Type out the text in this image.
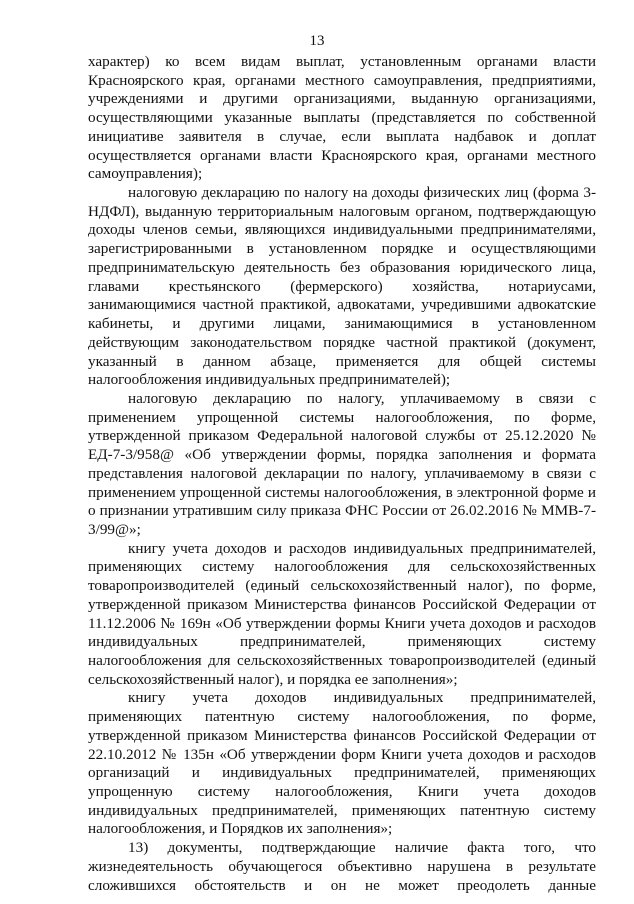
13

характер) ко всем видам выплат, установленным органами власти Красноярского края, органами местного самоуправления, предприятиями, учреждениями и другими организациями, выданную организациями, осуществляющими указанные выплаты (представляется по собственной инициативе заявителя в случае, если выплата надбавок и доплат осуществляется органами власти Красноярского края, органами местного самоуправления);

налоговую декларацию по налогу на доходы физических лиц (форма 3-НДФЛ), выданную территориальным налоговым органом, подтверждающую доходы членов семьи, являющихся индивидуальными предпринимателями, зарегистрированными в установленном порядке и осуществляющими предпринимательскую деятельность без образования юридического лица, главами крестьянского (фермерского) хозяйства, нотариусами, занимающимися частной практикой, адвокатами, учредившими адвокатские кабинеты, и другими лицами, занимающимися в установленном действующим законодательством порядке частной практикой (документ, указанный в данном абзаце, применяется для общей системы налогообложения индивидуальных предпринимателей);

налоговую декларацию по налогу, уплачиваемому в связи с применением упрощенной системы налогообложения, по форме, утвержденной приказом Федеральной налоговой службы от 25.12.2020 № ЕД-7-3/958@ «Об утверждении формы, порядка заполнения и формата представления налоговой декларации по налогу, уплачиваемому в связи с применением упрощенной системы налогообложения, в электронной форме и о признании утратившим силу приказа ФНС России от 26.02.2016 № ММВ-7-3/99@»;

книгу учета доходов и расходов индивидуальных предпринимателей, применяющих систему налогообложения для сельскохозяйственных товаропроизводителей (единый сельскохозяйственный налог), по форме, утвержденной приказом Министерства финансов Российской Федерации от 11.12.2006 № 169н «Об утверждении формы Книги учета доходов и расходов индивидуальных предпринимателей, применяющих систему налогообложения для сельскохозяйственных товаропроизводителей (единый сельскохозяйственный налог), и порядка ее заполнения»;

книгу учета доходов индивидуальных предпринимателей, применяющих патентную систему налогообложения, по форме, утвержденной приказом Министерства финансов Российской Федерации от 22.10.2012 № 135н «Об утверждении форм Книги учета доходов и расходов организаций и индивидуальных предпринимателей, применяющих упрощенную систему налогообложения, Книги учета доходов индивидуальных предпринимателей, применяющих патентную систему налогообложения, и Порядков их заполнения»;

13) документы, подтверждающие наличие факта того, что жизнедеятельность обучающегося объективно нарушена в результате сложившихся обстоятельств и он не может преодолеть данные
